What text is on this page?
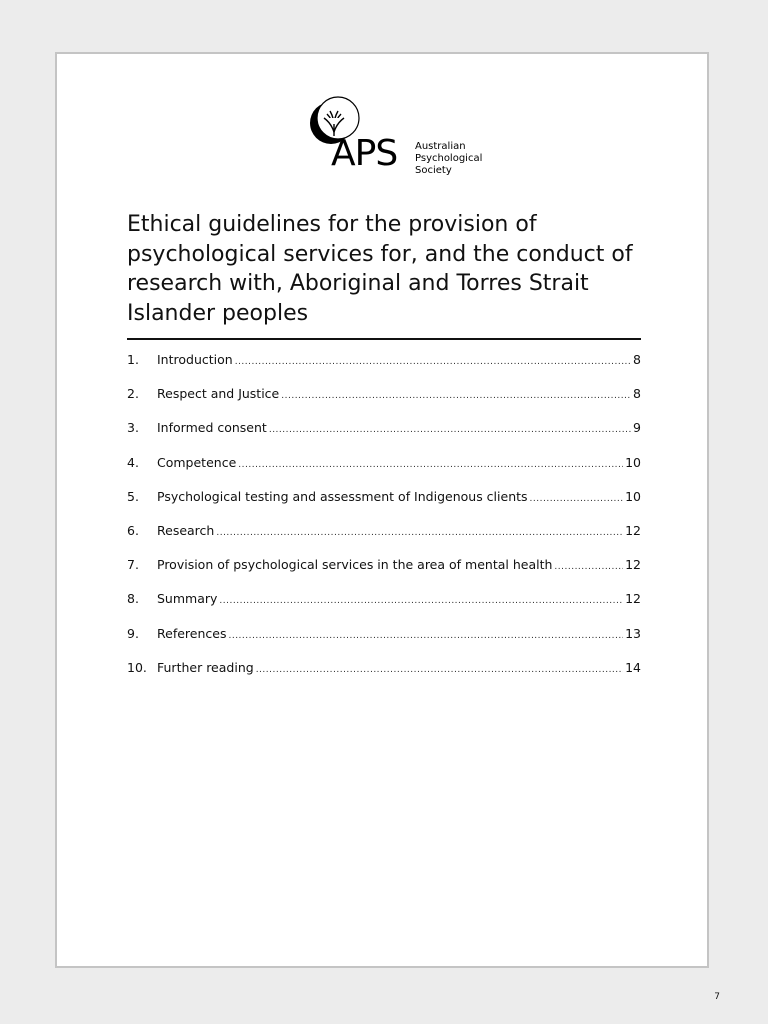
APS Australian
Psychological
Society
Ethical guidelines for the provision of psychological services for, and the conduct of research with, Aboriginal and Torres Strait Islander peoples
1.	Introduction .....	8
2.	Respect and Justice .....	8
3.	Informed consent .....	9
4.	Competence .....	10
5.	Psychological testing and assessment of Indigenous clients .....	10
6.	Research .....	12
7.	Provision of psychological services in the area of mental health .....	12
8.	Summary .....	12
9.	References .....	13
10. Further reading .....	14
7
